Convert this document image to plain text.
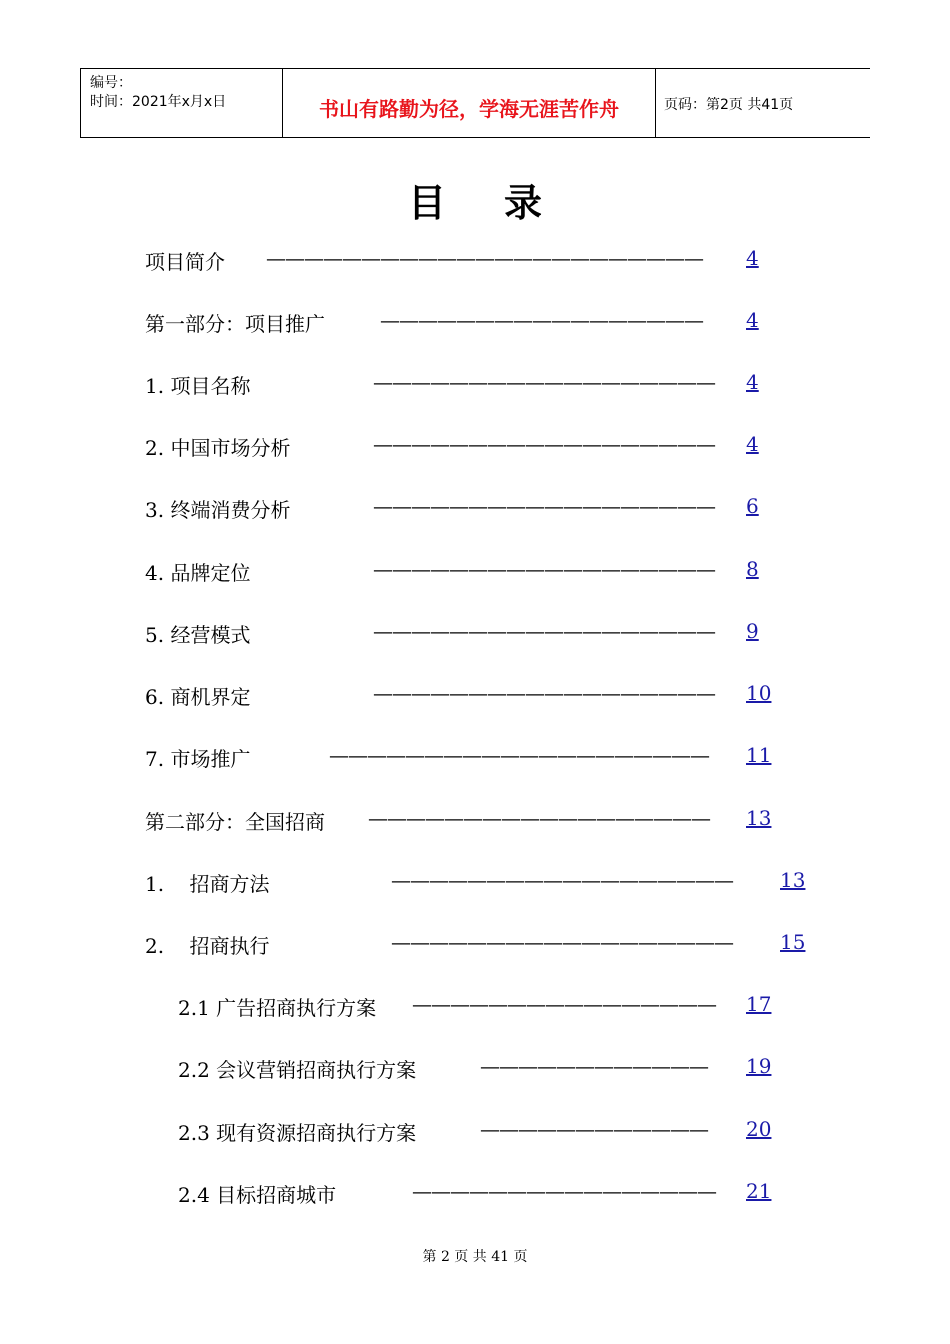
编号：
时间：2021年x月x日	书山有路勤为径，学海无涯苦作舟	页码：第2页 共41页
目录
项目简介 ——————————————————————— 4
第一部分：项目推广	————————————————— 4
1. 项目名称	—————————————————— 4
2. 中国市场分析	—————————————————— 4
3. 终端消费分析	—————————————————— 6
4. 品牌定位	—————————————————— 8
5. 经营模式	—————————————————— 9
6. 商机界定	—————————————————— 10
7. 市场推广	———————————————————— 11
第二部分：全国招商 —————————————————— 13
1.    招商方法	—————————————————— 13
2.    招商执行	—————————————————— 15
2.1 广告招商执行方案 ———————————————— 17
2.2 会议营销招商执行方案	———————————— 19
2.3 现有资源招商执行方案	———————————— 20
2.4 目标招商城市	———————————————— 21
第 2 页 共 41 页
